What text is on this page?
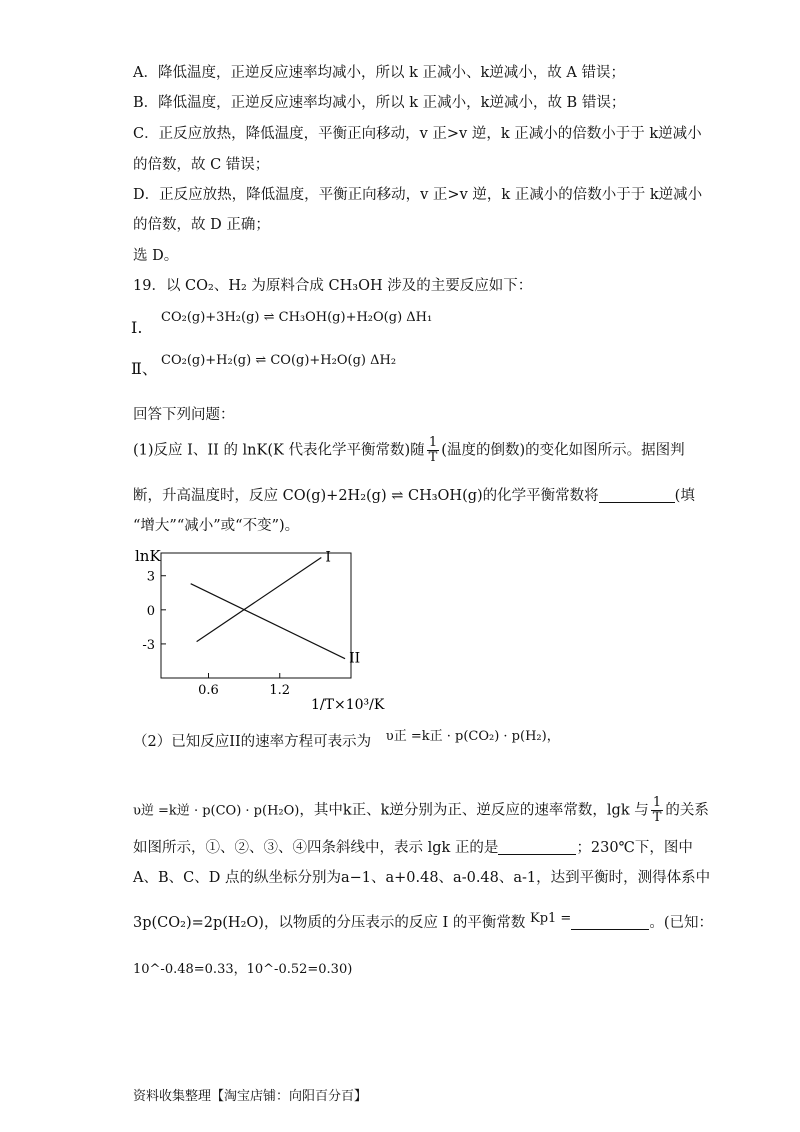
A．降低温度，正逆反应速率均减小，所以 k 正减小、k逆减小，故 A 错误；
B．降低温度，正逆反应速率均减小，所以 k 正减小，k逆减小，故 B 错误；
C．正反应放热，降低温度，平衡正向移动，v 正>v 逆，k 正减小的倍数小于于 k逆减小
的倍数，故 C 错误；
D．正反应放热，降低温度，平衡正向移动，v 正>v 逆，k 正减小的倍数小于于 k逆减小
的倍数，故 D 正确；
选 D。
19．以 CO₂、H₂ 为原料合成 CH₃OH 涉及的主要反应如下：
Ⅰ.
CO₂(g)+3H₂(g) ⇌ CH₃OH(g)+H₂O(g) ΔH₁
Ⅱ、 CO₂(g)+H₂(g) ⇌ CO(g)+H₂O(g) ΔH₂
回答下列问题：
(1)反应 I、II 的 lnK(K 代表化学平衡常数)随 $\frac{1}{T}$ (温度的倒数)的变化如图所示。据图判
断，升高温度时，反应 CO(g)+2H₂(g) ⇌ CH₃OH(g)的化学平衡常数将	(填
“增大”“减小”或“不变”)。
lnK
3
0
-3
0.6	1.2
I
II
1/T×10³/K
（2）已知反应II的速率方程可表示为 υ正 =k正 · p(CO₂) · p(H₂)，
υ逆 =k逆 · p(CO) · p(H₂O)，其中k正、k逆分别为正、逆反应的速率常数，lgk 与 $\frac{1}{T}$ 的关系
如图所示，①、②、③、④四条斜线中，表示 lgk 正的是	；230℃下，图中
A、B、C、D 点的纵坐标分别为a−1、a+0.48、a-0.48、a-1，达到平衡时，测得体系中
3p(CO₂)=2p(H₂O)，以物质的分压表示的反应 I 的平衡常数 Kp1 =	。(已知：
10^-0.48=0.33，10^-0.52=0.30)
资料收集整理【淘宝店铺：向阳百分百】
